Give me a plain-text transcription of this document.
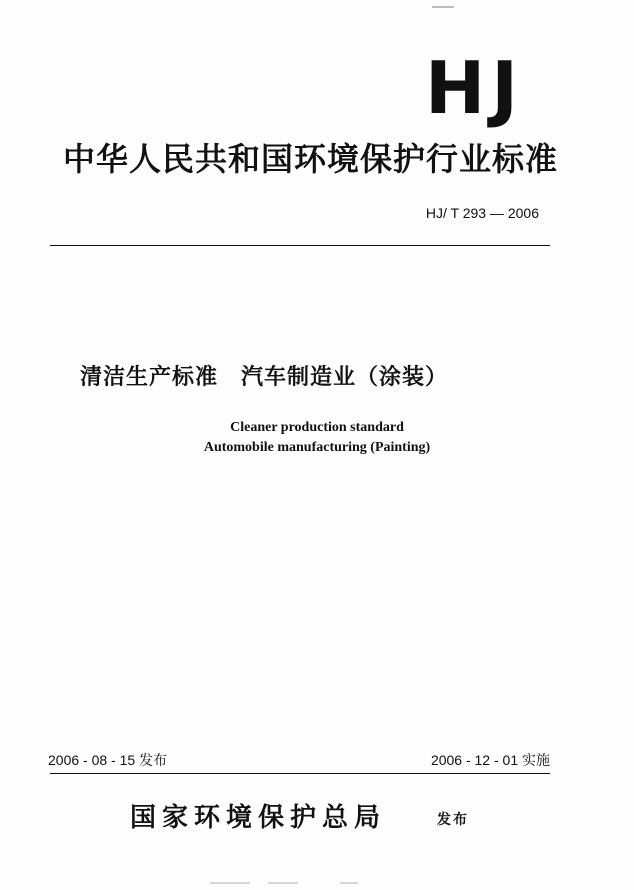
HJ
中华人民共和国环境保护行业标准
HJ/ T 293 — 2006
清洁生产标准　汽车制造业（涂装）
Cleaner production standard
Automobile manufacturing (Painting)
2006 - 08 - 15 发布	2006 - 12 - 01 实施
国家环境保护总局	发布
